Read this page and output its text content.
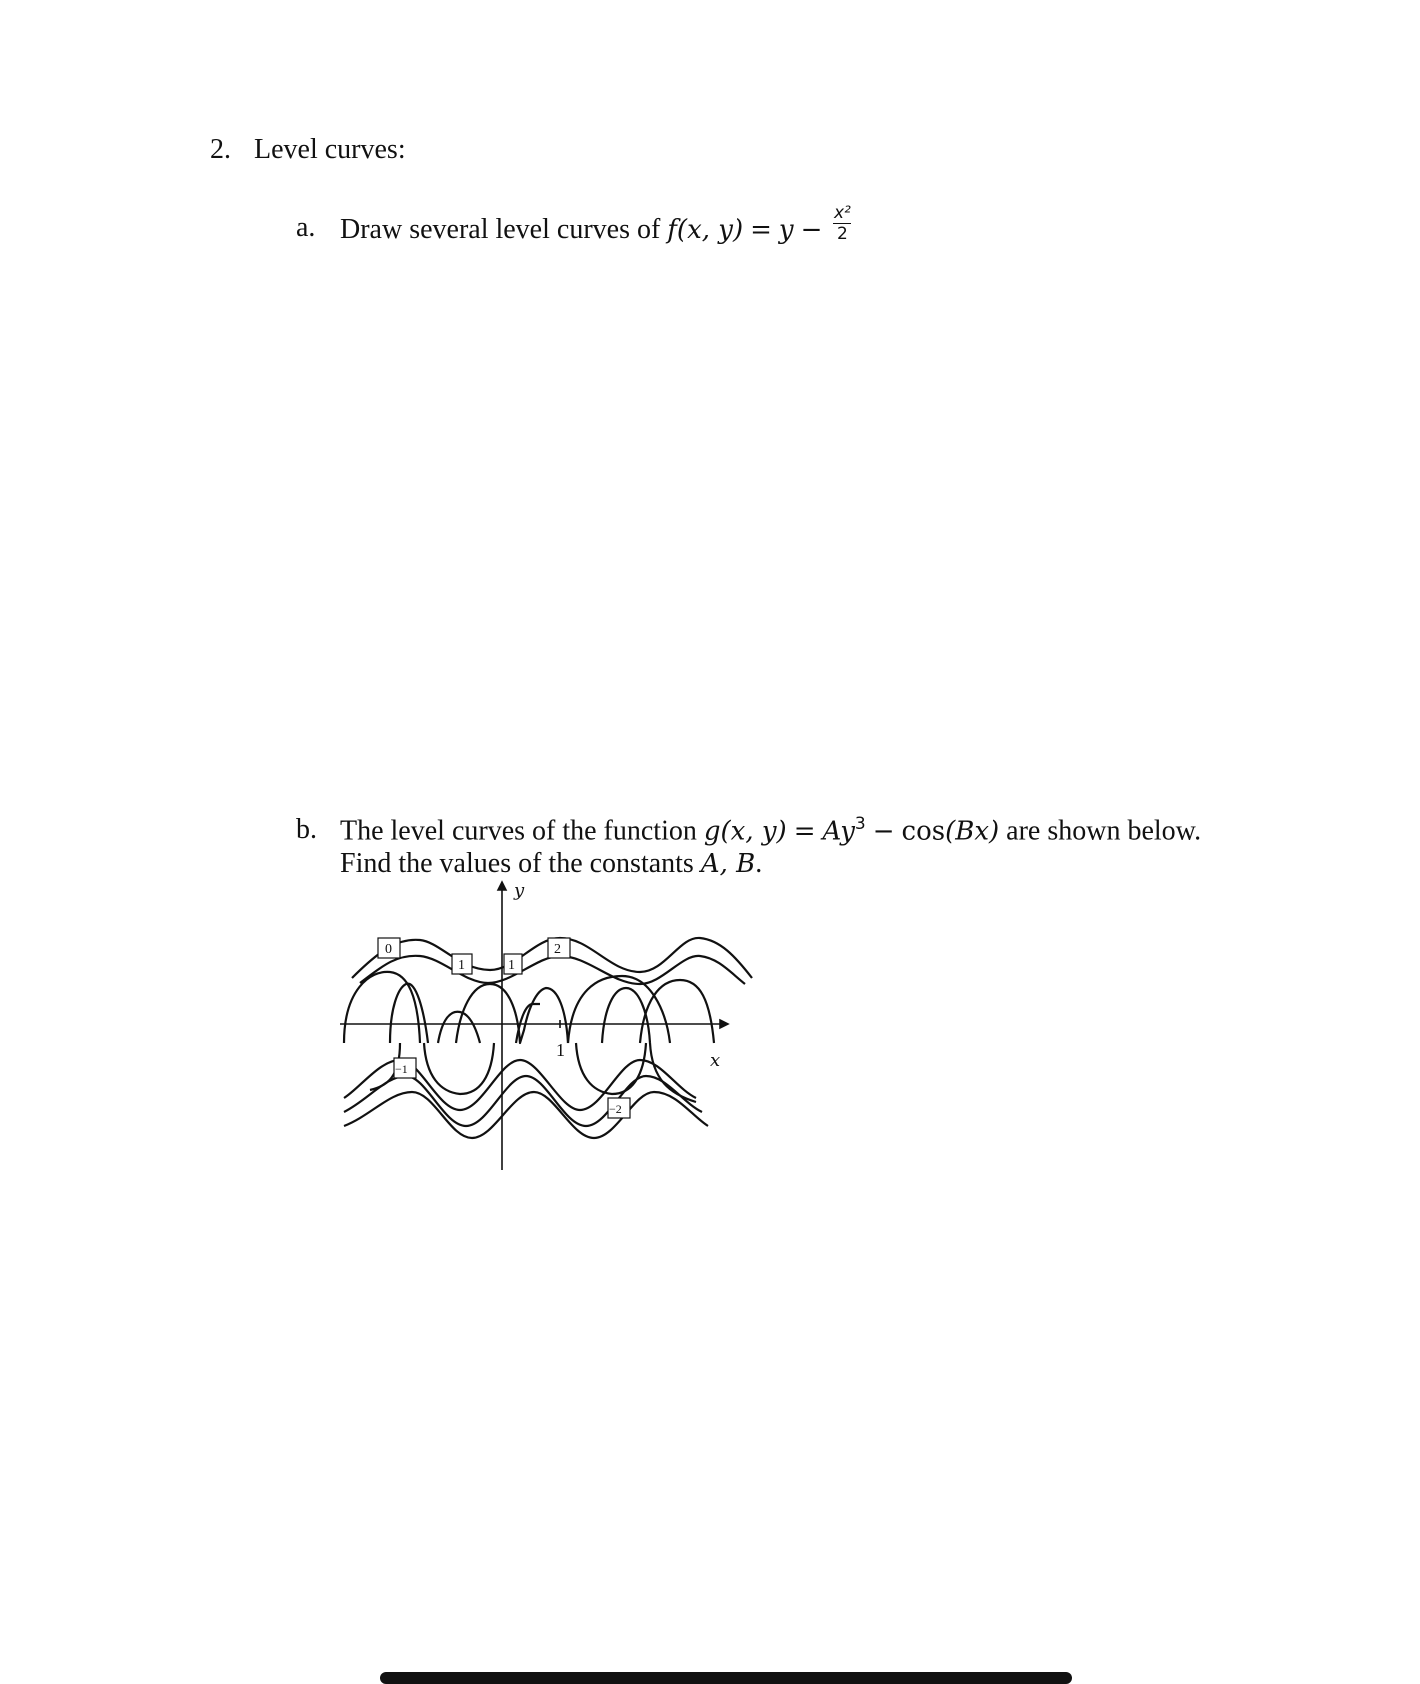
2. Level curves:
a. Draw several level curves of f(x, $y) = y - \frac{\text{x²}}{2}$
b. The level curves of the function g(x, $y) = Ay^3 - \cos(Bx)$ are shown below.
Find the values of the constants A, B.
0
1	1
2
−1
−2
y
x
1
